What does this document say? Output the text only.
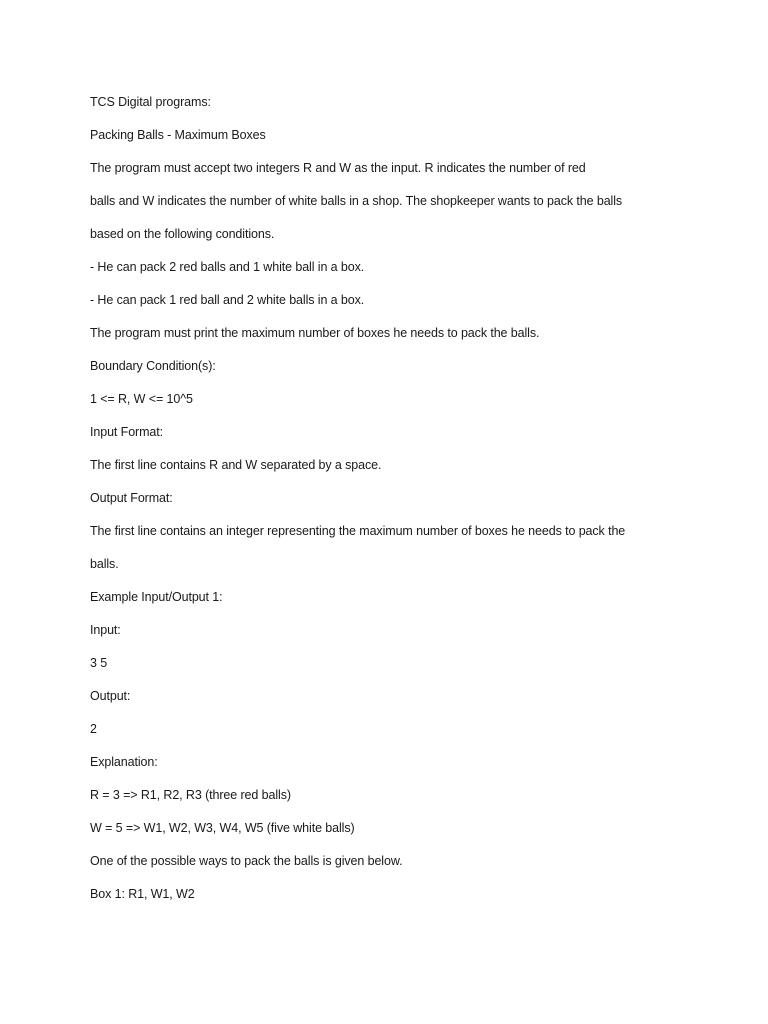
TCS Digital programs:
Packing Balls - Maximum Boxes
The program must accept two integers R and W as the input. R indicates the number of red
balls and W indicates the number of white balls in a shop. The shopkeeper wants to pack the balls
based on the following conditions.
- He can pack 2 red balls and 1 white ball in a box.
- He can pack 1 red ball and 2 white balls in a box.
The program must print the maximum number of boxes he needs to pack the balls.
Boundary Condition(s):
1 <= R, W <= 10^5
Input Format:
The first line contains R and W separated by a space.
Output Format:
The first line contains an integer representing the maximum number of boxes he needs to pack the
balls.
Example Input/Output 1:
Input:
3 5
Output:
2
Explanation:
R = 3 => R1, R2, R3 (three red balls)
W = 5 => W1, W2, W3, W4, W5 (five white balls)
One of the possible ways to pack the balls is given below.
Box 1: R1, W1, W2
